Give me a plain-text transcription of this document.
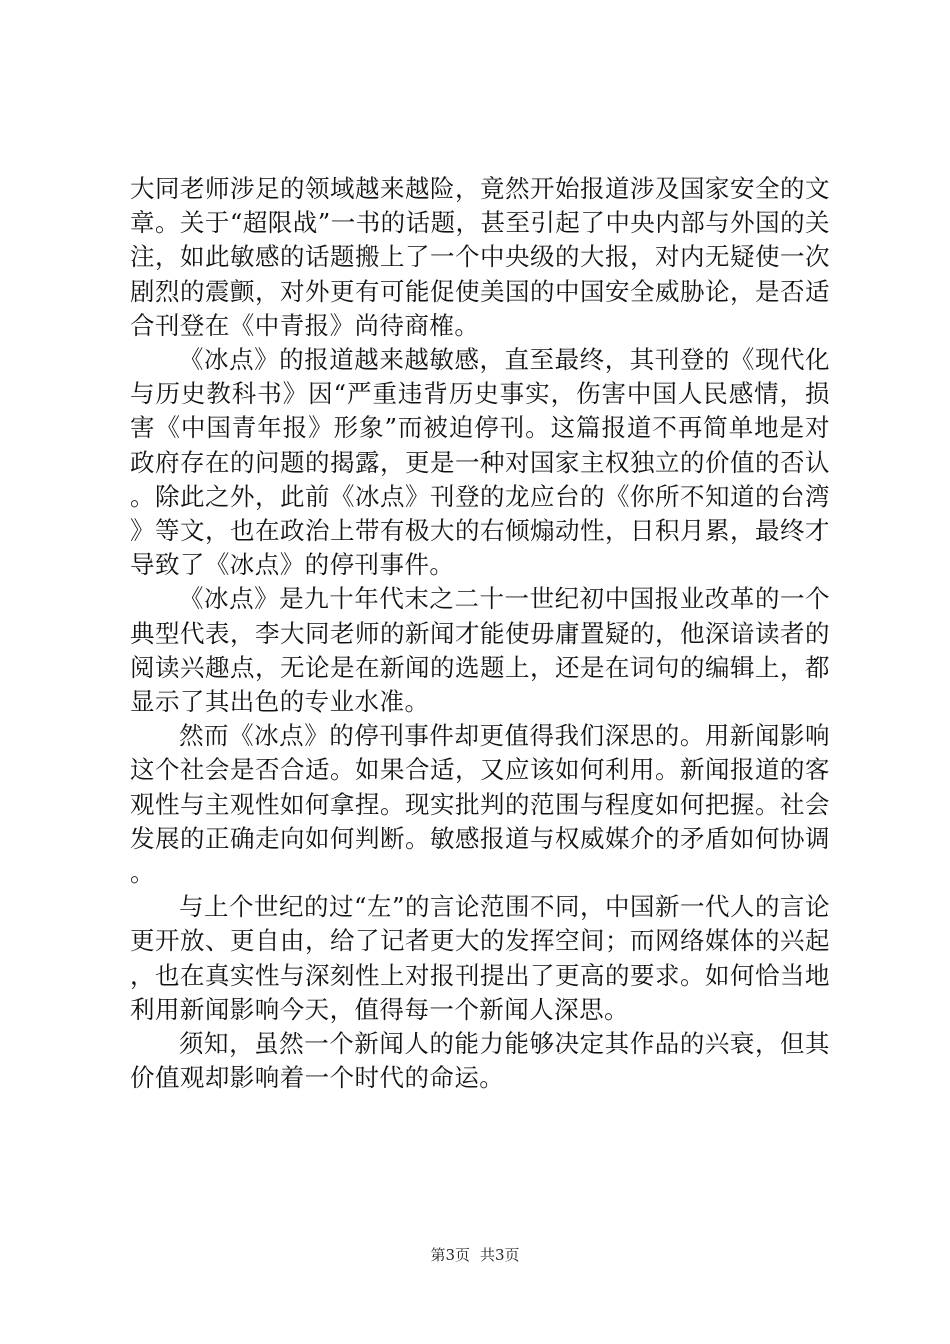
大同老师涉足的领域越来越险，竟然开始报道涉及国家安全的文章。关于“超限战”一书的话题，甚至引起了中央内部与外国的关注，如此敏感的话题搬上了一个中央级的大报，对内无疑使一次剧烈的震颤，对外更有可能促使美国的中国安全威胁论，是否适合刊登在《中青报》尚待商榷。

《冰点》的报道越来越敏感，直至最终，其刊登的《现代化与历史教科书》因“严重违背历史事实，伤害中国人民感情，损害《中国青年报》形象”而被迫停刊。这篇报道不再简单地是对政府存在的问题的揭露，更是一种对国家主权独立的价值的否认。除此之外，此前《冰点》刊登的龙应台的《你所不知道的台湾》等文，也在政治上带有极大的右倾煽动性，日积月累，最终才导致了《冰点》的停刊事件。

《冰点》是九十年代末之二十一世纪初中国报业改革的一个典型代表，李大同老师的新闻才能使毋庸置疑的，他深谙读者的阅读兴趣点，无论是在新闻的选题上，还是在词句的编辑上，都显示了其出色的专业水准。

然而《冰点》的停刊事件却更值得我们深思的。用新闻影响这个社会是否合适。如果合适，又应该如何利用。新闻报道的客观性与主观性如何拿捏。现实批判的范围与程度如何把握。社会发展的正确走向如何判断。敏感报道与权威媒介的矛盾如何协调。

与上个世纪的过“左”的言论范围不同，中国新一代人的言论更开放、更自由，给了记者更大的发挥空间；而网络媒体的兴起，也在真实性与深刻性上对报刊提出了更高的要求。如何恰当地利用新闻影响今天，值得每一个新闻人深思。

须知，虽然一个新闻人的能力能够决定其作品的兴衰，但其价值观却影响着一个时代的命运。

第3页 共3页
